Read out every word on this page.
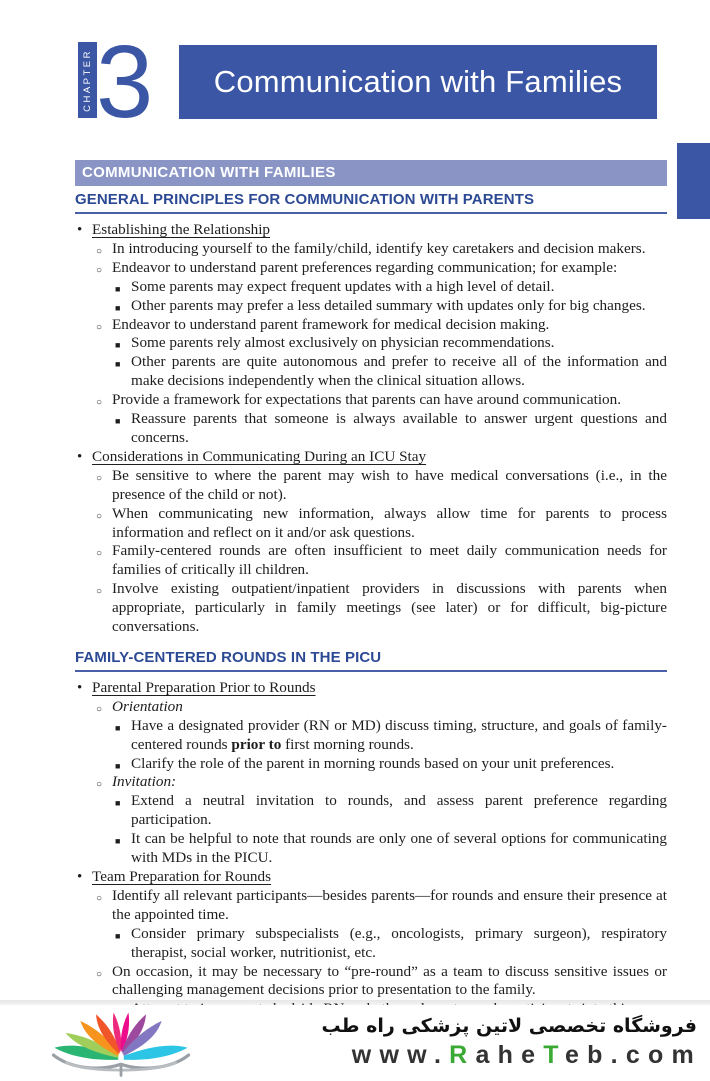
CHAPTER 3 Communication with Families
COMMUNICATION WITH FAMILIES
GENERAL PRINCIPLES FOR COMMUNICATION WITH PARENTS
• Establishing the Relationship
○ In introducing yourself to the family/child, identify key caretakers and decision makers.
○ Endeavor to understand parent preferences regarding communication; for example:
■ Some parents may expect frequent updates with a high level of detail.
■ Other parents may prefer a less detailed summary with updates only for big changes.
○ Endeavor to understand parent framework for medical decision making.
■ Some parents rely almost exclusively on physician recommendations.
■ Other parents are quite autonomous and prefer to receive all of the information and make decisions independently when the clinical situation allows.
○ Provide a framework for expectations that parents can have around communication.
■ Reassure parents that someone is always available to answer urgent questions and concerns.
• Considerations in Communicating During an ICU Stay
○ Be sensitive to where the parent may wish to have medical conversations (i.e., in the presence of the child or not).
○ When communicating new information, always allow time for parents to process information and reflect on it and/or ask questions.
○ Family-centered rounds are often insufficient to meet daily communication needs for families of critically ill children.
○ Involve existing outpatient/inpatient providers in discussions with parents when appropriate, particularly in family meetings (see later) or for difficult, big-picture conversations.
FAMILY-CENTERED ROUNDS IN THE PICU
• Parental Preparation Prior to Rounds
○ Orientation
■ Have a designated provider (RN or MD) discuss timing, structure, and goals of family-centered rounds prior to first morning rounds.
■ Clarify the role of the parent in morning rounds based on your unit preferences.
○ Invitation:
■ Extend a neutral invitation to rounds, and assess parent preference regarding participation.
■ It can be helpful to note that rounds are only one of several options for communicating with MDs in the PICU.
• Team Preparation for Rounds
○ Identify all relevant participants—besides parents—for rounds and ensure their presence at the appointed time.
■ Consider primary subspecialists (e.g., oncologists, primary surgeon), respiratory therapist, social worker, nutritionist, etc.
○ On occasion, it may be necessary to “pre-round” as a team to discuss sensitive issues or challenging management decisions prior to presentation to the family.
فروشگاه تخصصی لاتین پزشکی راه طب
www.RaheTeb.com
